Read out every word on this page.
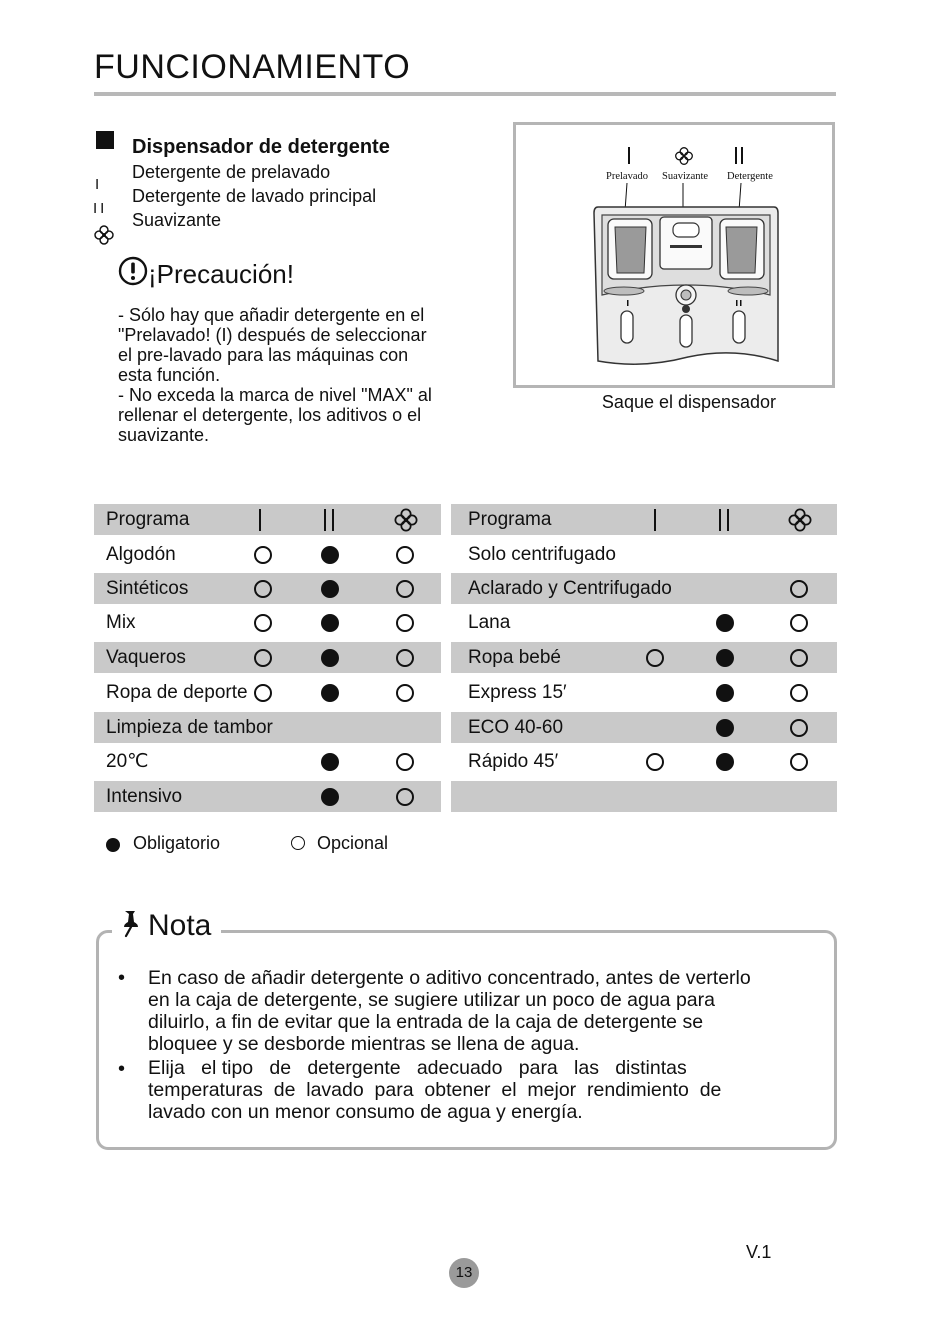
FUNCIONAMIENTO
Dispensador de detergente
I
Detergente de prelavado
II
Detergente de lavado principal
Suavizante
¡Precaución!
- Sólo hay que añadir detergente en el
"Prelavado! (I) después de seleccionar
el pre-lavado para las máquinas con
esta función.
- No exceda la marca de nivel "MAX" al
rellenar el detergente, los aditivos o el
suavizante.
Prelavado Suavizante Detergente
Saque el dispensador
Programa
Algodón
Sintéticos
Mix
Vaqueros
Ropa de deporte
Limpieza de tambor
20℃
Intensivo
Programa
Solo centrifugado
Aclarado y Centrifugado
Lana
Ropa bebé
Express 15′
ECO 40-60
Rápido 45′
Obligatorio	Opcional
Nota
• En caso de añadir detergente o aditivo concentrado, antes de verterlo
en la caja de detergente, se sugiere utilizar un poco de agua para
diluirlo, a fin de evitar que la entrada de la caja de detergente se
bloquee y se desborde mientras se llena de agua.
• Elija   el tipo   de   detergente   adecuado   para   las   distintas
temperaturas  de  lavado  para  obtener  el  mejor  rendimiento  de
lavado con un menor consumo de agua y energía.
V.1
13
